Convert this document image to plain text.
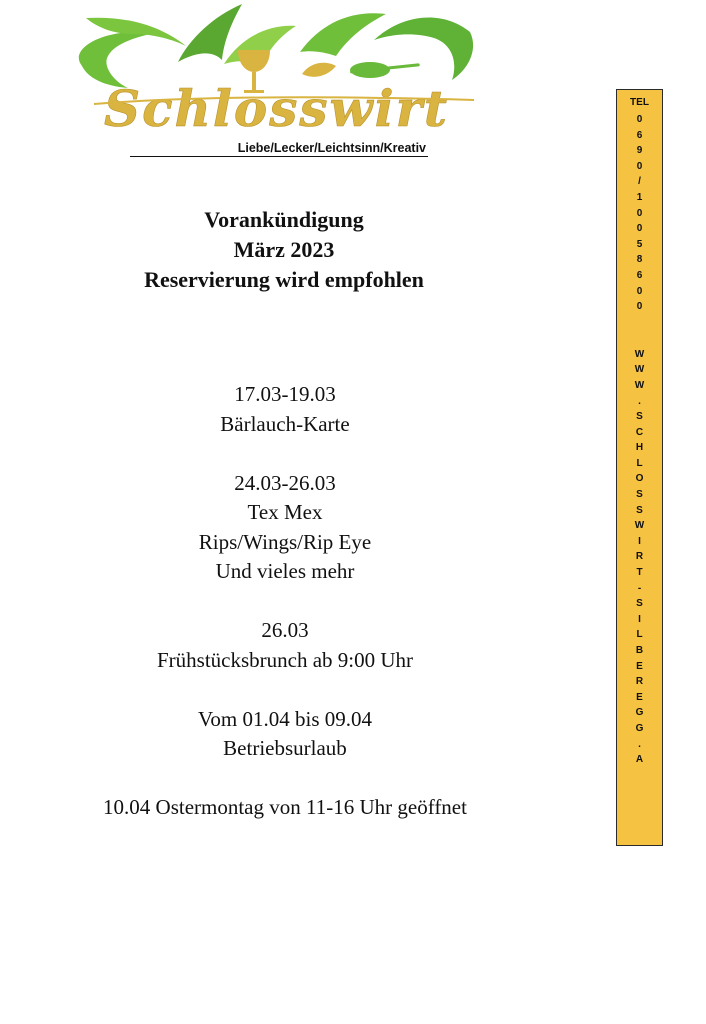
Schlosswirt
Liebe/Lecker/Leichtsinn/Kreativ
Vorankündigung
März 2023
Reservierung wird empfohlen
17.03-19.03
Bärlauch-Karte
24.03-26.03
Tex Mex
Rips/Wings/Rip Eye
Und vieles mehr
26.03
Frühstücksbrunch ab 9:00 Uhr
Vom 01.04 bis 09.04
Betriebsurlaub
10.04 Ostermontag von 11-16 Uhr geöffnet
TEL
0
6
9
0
/
1
0
0
5
8
6
0
0
W
W
W
.
S
C
H
L
O
S
S
W
I
R
T
-
S
I
L
B
E
R
E
G
G
.
A
